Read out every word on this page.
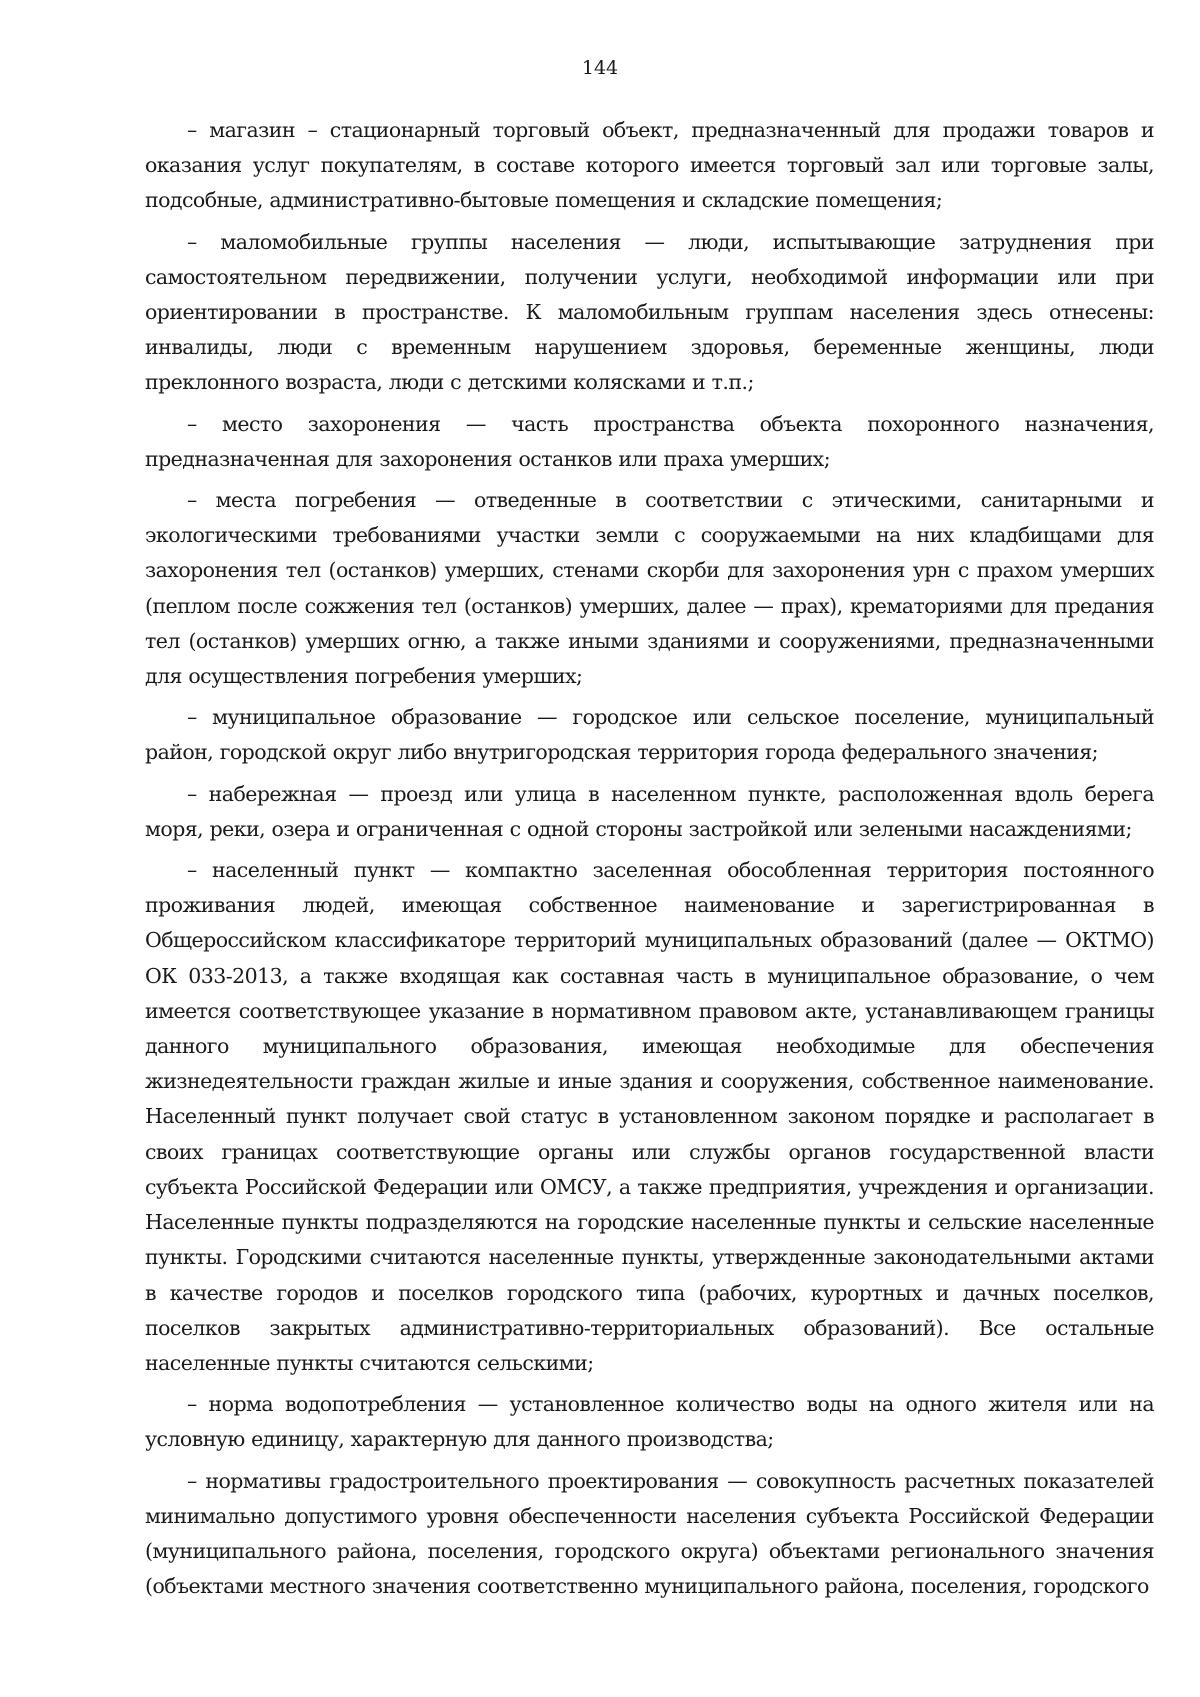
144

– магазин – стационарный торговый объект, предназначенный для продажи товаров и оказания услуг покупателям, в составе которого имеется торговый зал или торговые залы, подсобные, административно-бытовые помещения и складские помещения;

– маломобильные группы населения — люди, испытывающие затруднения при самостоятельном передвижении, получении услуги, необходимой информации или при ориентировании в пространстве. К маломобильным группам населения здесь отнесены: инвалиды, люди с временным нарушением здоровья, беременные женщины, люди преклонного возраста, люди с детскими колясками и т.п.;

– место захоронения — часть пространства объекта похоронного назначения, предназначенная для захоронения останков или праха умерших;

– места погребения — отведенные в соответствии с этическими, санитарными и экологическими требованиями участки земли с сооружаемыми на них кладбищами для захоронения тел (останков) умерших, стенами скорби для захоронения урн с прахом умерших (пеплом после сожжения тел (останков) умерших, далее — прах), крематориями для предания тел (останков) умерших огню, а также иными зданиями и сооружениями, предназначенными для осуществления погребения умерших;

– муниципальное образование — городское или сельское поселение, муниципальный район, городской округ либо внутригородская территория города федерального значения;

– набережная — проезд или улица в населенном пункте, расположенная вдоль берега моря, реки, озера и ограниченная с одной стороны застройкой или зелеными насаждениями;

– населенный пункт — компактно заселенная обособленная территория постоянного проживания людей, имеющая собственное наименование и зарегистрированная в Общероссийском классификаторе территорий муниципальных образований (далее — ОКТМО) ОК 033-2013, а также входящая как составная часть в муниципальное образование, о чем имеется соответствующее указание в нормативном правовом акте, устанавливающем границы данного муниципального образования, имеющая необходимые для обеспечения жизнедеятельности граждан жилые и иные здания и сооружения, собственное наименование. Населенный пункт получает свой статус в установленном законом порядке и располагает в своих границах соответствующие органы или службы органов государственной власти субъекта Российской Федерации или ОМСУ, а также предприятия, учреждения и организации. Населенные пункты подразделяются на городские населенные пункты и сельские населенные пункты. Городскими считаются населенные пункты, утвержденные законодательными актами в качестве городов и поселков городского типа (рабочих, курортных и дачных поселков, поселков закрытых административно-территориальных образований). Все остальные населенные пункты считаются сельскими;

– норма водопотребления — установленное количество воды на одного жителя или на условную единицу, характерную для данного производства;

– нормативы градостроительного проектирования — совокупность расчетных показателей минимально допустимого уровня обеспеченности населения субъекта Российской Федерации (муниципального района, поселения, городского округа) объектами регионального значения (объектами местного значения соответственно муниципального района, поселения, городского
